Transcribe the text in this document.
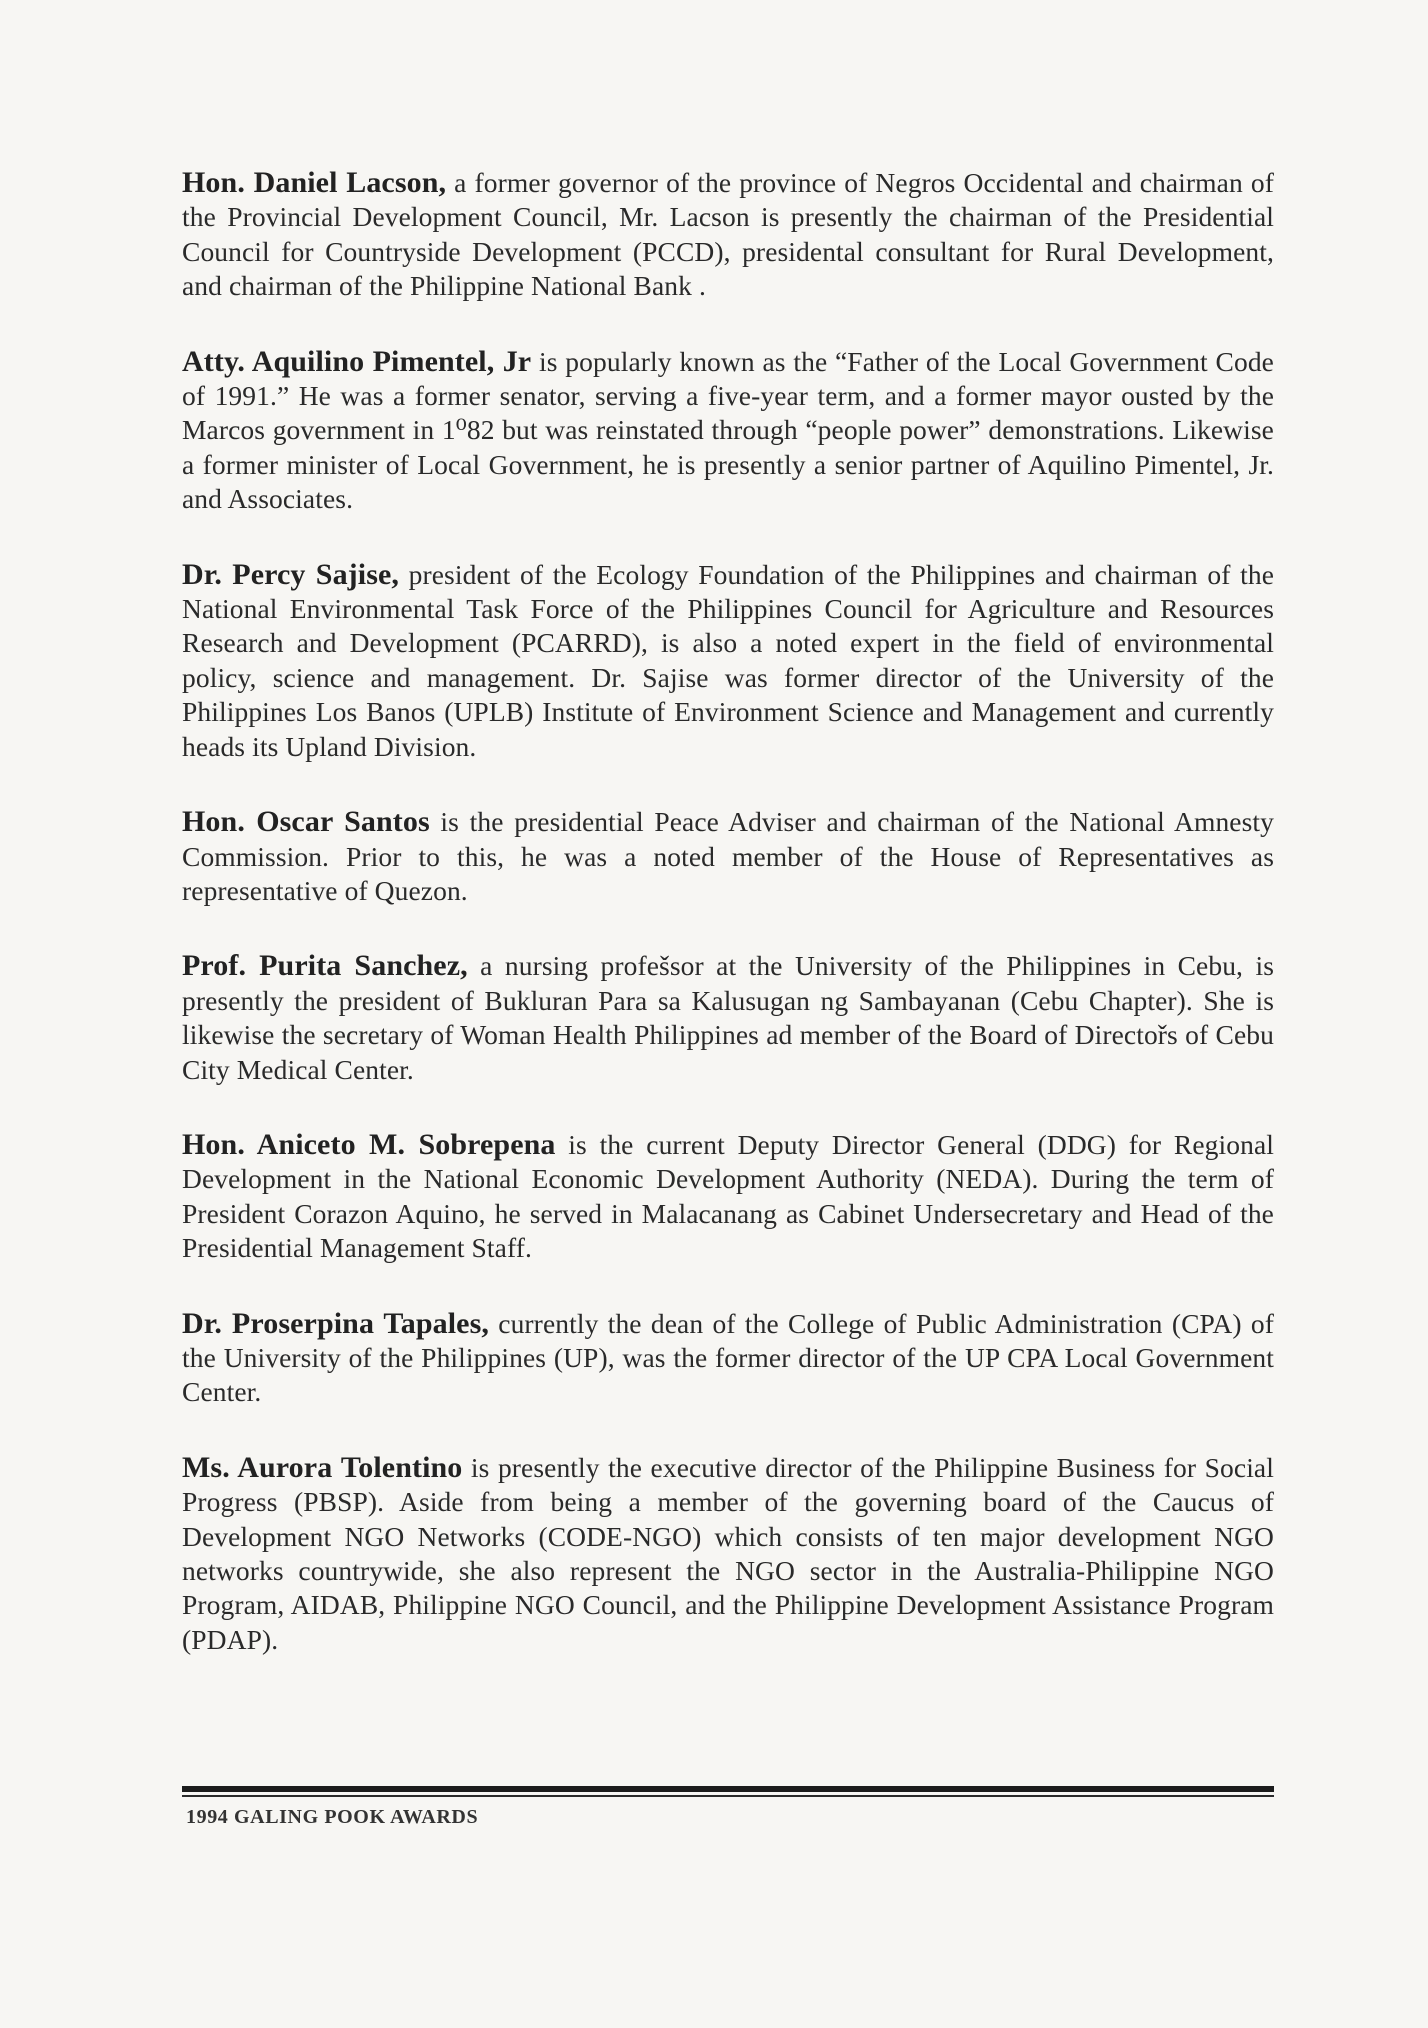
Hon. Daniel Lacson, a former governor of the province of Negros Occidental and chairman of the Provincial Development Council, Mr. Lacson is presently the chairman of the Presidential Council for Countryside Development (PCCD), presidental consultant for Rural Development, and chairman of the Philippine National Bank .

Atty. Aquilino Pimentel, Jr is popularly known as the “Father of the Local Government Code of 1991.” He was a former senator, serving a five-year term, and a former mayor ousted by the Marcos government in 1⁰82 but was reinstated through “people power” demonstrations. Likewise a former minister of Local Government, he is presently a senior partner of Aquilino Pimentel, Jr. and Associates.

Dr. Percy Sajise, president of the Ecology Foundation of the Philippines and chairman of the National Environmental Task Force of the Philippines Council for Agriculture and Resources Research and Development (PCARRD), is also a noted expert in the field of environmental policy, science and management. Dr. Sajise was former director of the University of the Philippines Los Banos (UPLB) Institute of Environment Science and Management and currently heads its Upland Division.

Hon. Oscar Santos is the presidential Peace Adviser and chairman of the National Amnesty Commission. Prior to this, he was a noted member of the House of Representatives as representative of Quezon.

Prof. Purita Sanchez, a nursing profešsor at the University of the Philippines in Cebu, is presently the president of Bukluran Para sa Kalusugan ng Sambayanan (Cebu Chapter). She is likewise the secretary of Woman Health Philippines ad member of the Board of Directořs of Cebu City Medical Center.

Hon. Aniceto M. Sobrepena is the current Deputy Director General (DDG) for Regional Development in the National Economic Development Authority (NEDA). During the term of President Corazon Aquino, he served in Malacanang as Cabinet Undersecretary and Head of the Presidential Management Staff.

Dr. Proserpina Tapales, currently the dean of the College of Public Administration (CPA) of the University of the Philippines (UP), was the former director of the UP CPA Local Government Center.

Ms. Aurora Tolentino is presently the executive director of the Philippine Business for Social Progress (PBSP). Aside from being a member of the governing board of the Caucus of Development NGO Networks (CODE-NGO) which consists of ten major development NGO networks countrywide, she also represent the NGO sector in the Australia-Philippine NGO Program, AIDAB, Philippine NGO Council, and the Philippine Development Assistance Program (PDAP).

1994 GALING POOK AWARDS
